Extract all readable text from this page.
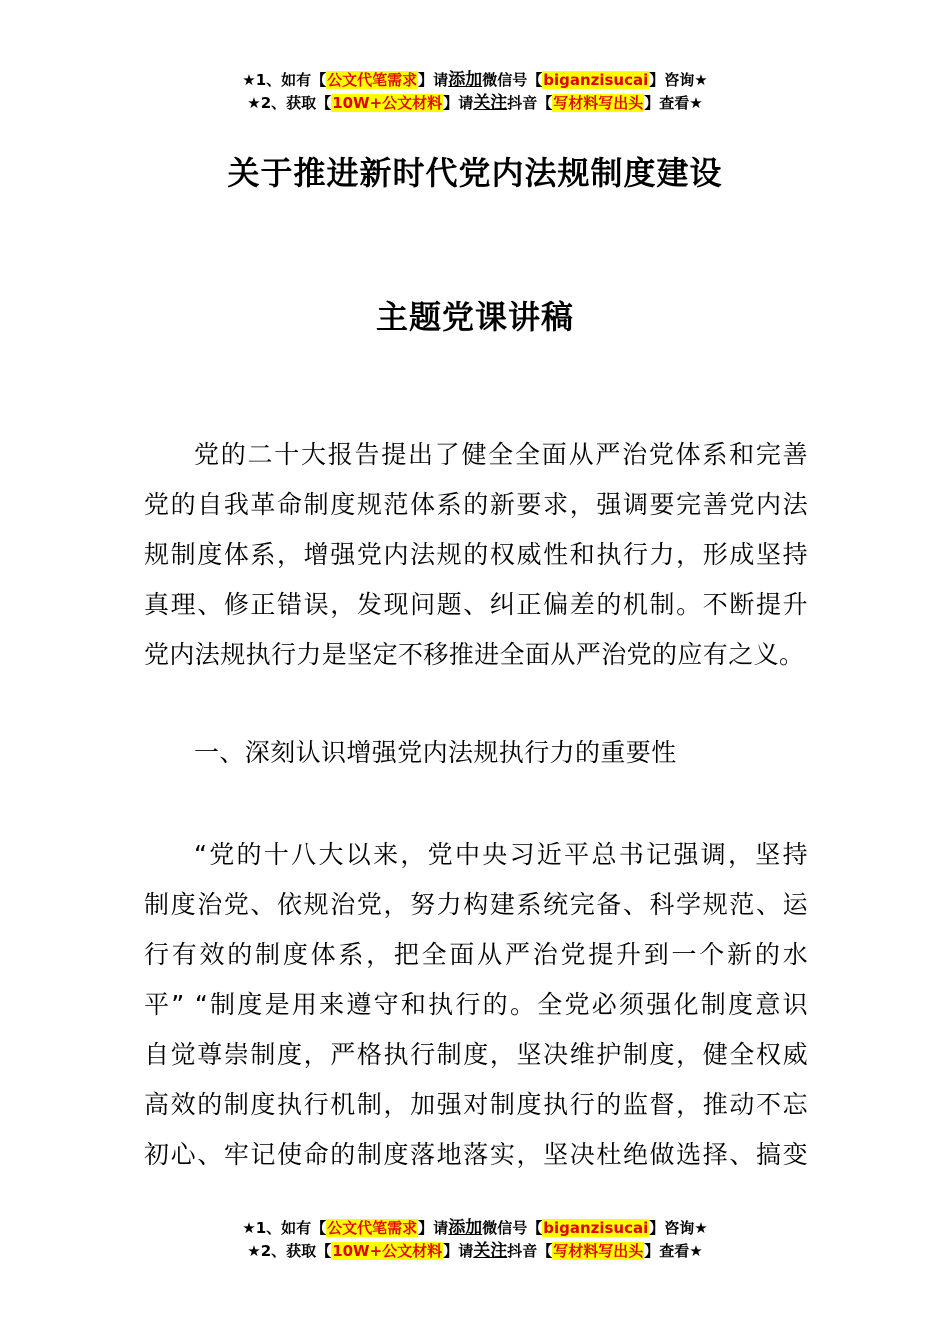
★1、如有【公文代笔需求】请添加微信号【biganzisucai】咨询★
★2、获取【10W+公文材料】请关注抖音【写材料写出头】查看★
关于推进新时代党内法规制度建设
主题党课讲稿
党的二十大报告提出了健全全面从严治党体系和完善
党的自我革命制度规范体系的新要求，强调要完善党内法
规制度体系，增强党内法规的权威性和执行力，形成坚持
真理、修正错误，发现问题、纠正偏差的机制。不断提升
党内法规执行力是坚定不移推进全面从严治党的应有之义。
一、深刻认识增强党内法规执行力的重要性
“党的十八大以来，党中央习近平总书记强调，坚持
制度治党、依规治党，努力构建系统完备、科学规范、运
行有效的制度体系，把全面从严治党提升到一个新的水
平” “制度是用来遵守和执行的。全党必须强化制度意识
自觉尊崇制度，严格执行制度，坚决维护制度，健全权威
高效的制度执行机制，加强对制度执行的监督，推动不忘
初心、牢记使命的制度落地落实，坚决杜绝做选择、搞变
★1、如有【公文代笔需求】请添加微信号【biganzisucai】咨询★
★2、获取【10W+公文材料】请关注抖音【写材料写出头】查看★
